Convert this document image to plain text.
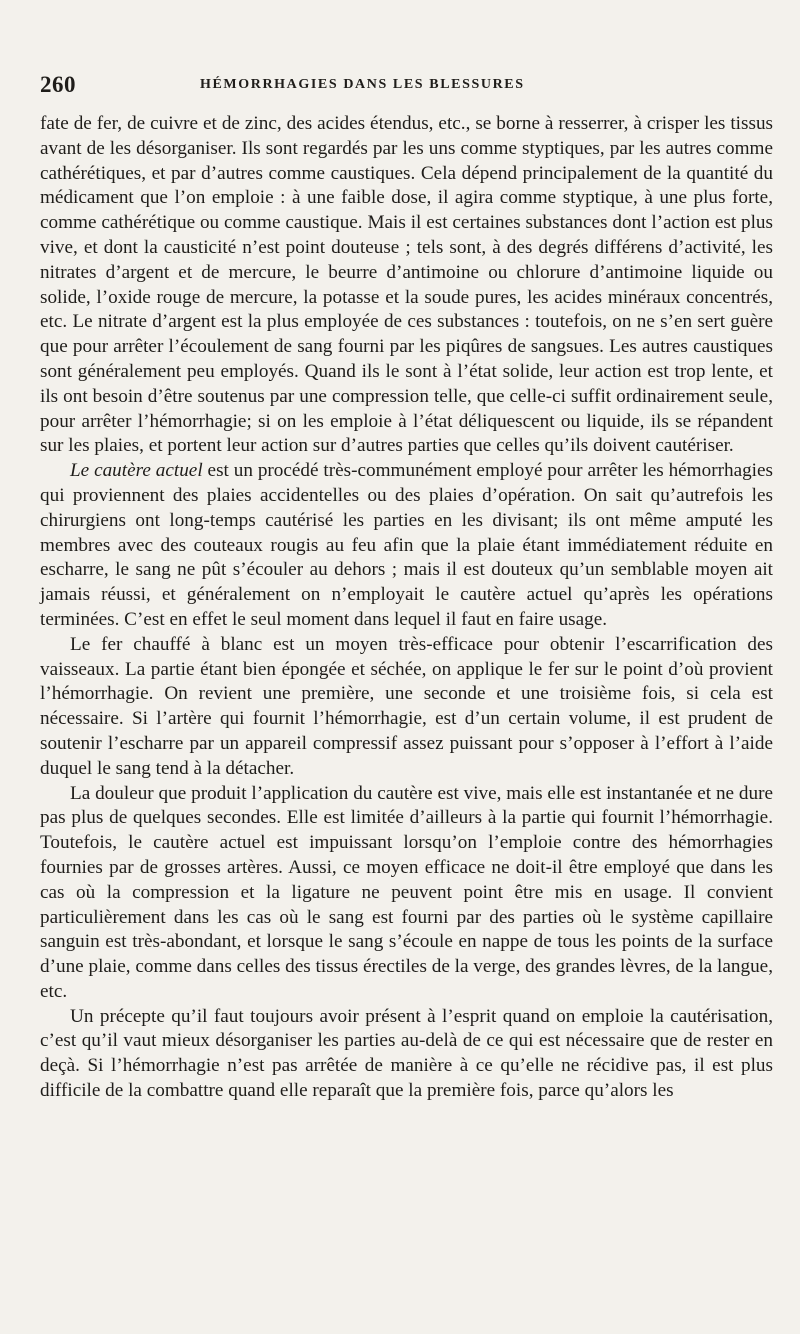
260	HÉMORRHAGIES DANS LES BLESSURES

fate de fer, de cuivre et de zinc, des acides étendus, etc., se borne à resserrer, à crisper les tissus avant de les désorganiser. Ils sont regardés par les uns comme styptiques, par les autres comme cathérétiques, et par d’autres comme caustiques. Cela dépend principalement de la quantité du médicament que l’on emploie : à une faible dose, il agira comme styptique, à une plus forte, comme cathérétique ou comme caustique. Mais il est certaines substances dont l’action est plus vive, et dont la causticité n’est point douteuse ; tels sont, à des degrés différens d’activité, les nitrates d’argent et de mercure, le beurre d’antimoine ou chlorure d’antimoine liquide ou solide, l’oxide rouge de mercure, la potasse et la soude pures, les acides minéraux concentrés, etc. Le nitrate d’argent est la plus employée de ces substances : toutefois, on ne s’en sert guère que pour arrêter l’écoulement de sang fourni par les piqûres de sangsues. Les autres caustiques sont généralement peu employés. Quand ils le sont à l’état solide, leur action est trop lente, et ils ont besoin d’être soutenus par une compression telle, que celle-ci suffit ordinairement seule, pour arrêter l’hémorrhagie; si on les emploie à l’état déliquescent ou liquide, ils se répandent sur les plaies, et portent leur action sur d’autres parties que celles qu’ils doivent cautériser.

Le cautère actuel est un procédé très-communément employé pour arrêter les hémorrhagies qui proviennent des plaies accidentelles ou des plaies d’opération. On sait qu’autrefois les chirurgiens ont long-temps cautérisé les parties en les divisant; ils ont même amputé les membres avec des couteaux rougis au feu afin que la plaie étant immédiatement réduite en escharre, le sang ne pût s’écouler au dehors ; mais il est douteux qu’un semblable moyen ait jamais réussi, et généralement on n’employait le cautère actuel qu’après les opérations terminées. C’est en effet le seul moment dans lequel il faut en faire usage.

Le fer chauffé à blanc est un moyen très-efficace pour obtenir l’escarrification des vaisseaux. La partie étant bien épongée et séchée, on applique le fer sur le point d’où provient l’hémorrhagie. On revient une première, une seconde et une troisième fois, si cela est nécessaire. Si l’artère qui fournit l’hémorrhagie, est d’un certain volume, il est prudent de soutenir l’escharre par un appareil compressif assez puissant pour s’opposer à l’effort à l’aide duquel le sang tend à la détacher.

La douleur que produit l’application du cautère est vive, mais elle est instantanée et ne dure pas plus de quelques secondes. Elle est limitée d’ailleurs à la partie qui fournit l’hémorrhagie. Toutefois, le cautère actuel est impuissant lorsqu’on l’emploie contre des hémorrhagies fournies par de grosses artères. Aussi, ce moyen efficace ne doit-il être employé que dans les cas où la compression et la ligature ne peuvent point être mis en usage. Il convient particulièrement dans les cas où le sang est fourni par des parties où le système capillaire sanguin est très-abondant, et lorsque le sang s’écoule en nappe de tous les points de la surface d’une plaie, comme dans celles des tissus érectiles de la verge, des grandes lèvres, de la langue, etc.

Un précepte qu’il faut toujours avoir présent à l’esprit quand on emploie la cautérisation, c’est qu’il vaut mieux désorganiser les parties au-delà de ce qui est nécessaire que de rester en deçà. Si l’hémorrhagie n’est pas arrêtée de manière à ce qu’elle ne récidive pas, il est plus difficile de la combattre quand elle reparaît que la première fois, parce qu’alors les
